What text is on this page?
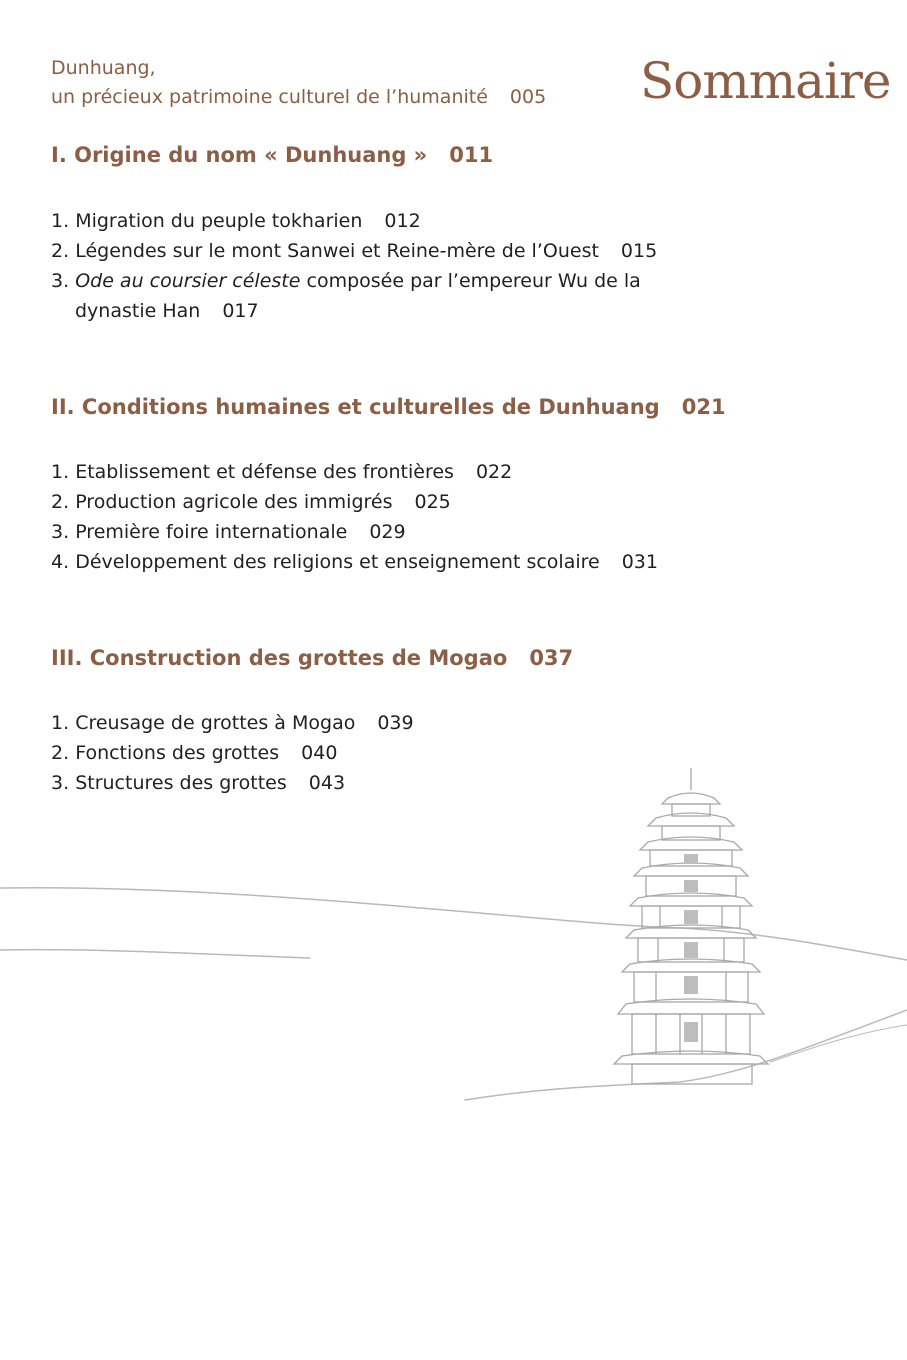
Dunhuang,
un précieux patrimoine culturel de l’humanité 005 Sommaire
I. Origine du nom « Dunhuang » 011
1. Migration du peuple tokharien 012
2. Légendes sur le mont Sanwei et Reine-mère de l’Ouest 015
3. Ode au coursier céleste composée par l’empereur Wu de la
dynastie Han 017
II. Conditions humaines et culturelles de Dunhuang 021
1. Etablissement et défense des frontières 022
2. Production agricole des immigrés 025
3. Première foire internationale 029
4. Développement des religions et enseignement scolaire 031
III. Construction des grottes de Mogao 037
1. Creusage de grottes à Mogao 039
2. Fonctions des grottes 040
3. Structures des grottes 043
